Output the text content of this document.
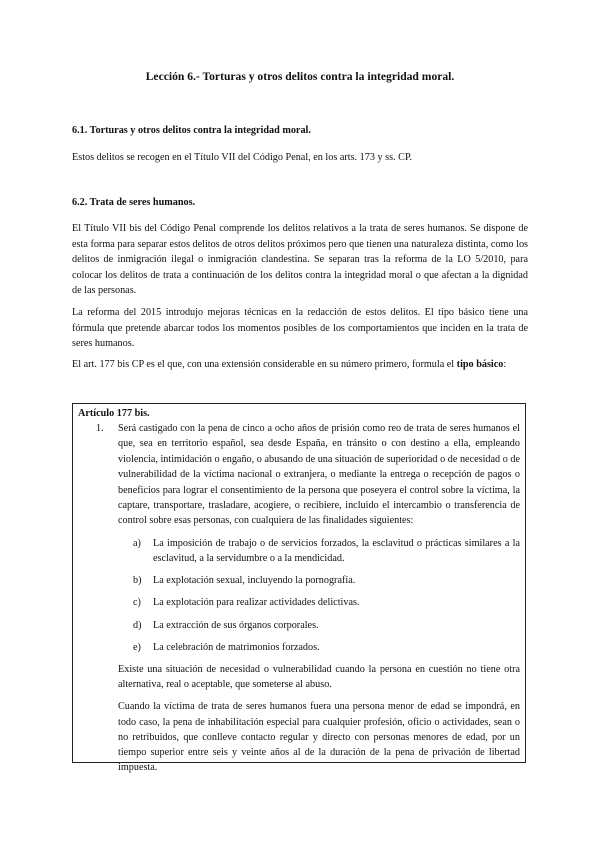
Lección 6.- Torturas y otros delitos contra la integridad moral.
6.1. Torturas y otros delitos contra la integridad moral.
Estos delitos se recogen en el Título VII del Código Penal, en los arts. 173 y ss. CP.
6.2. Trata de seres humanos.
El Título VII bis del Código Penal comprende los delitos relativos a la trata de seres humanos. Se dispone de esta forma para separar estos delitos de otros delitos próximos pero que tienen una naturaleza distinta, como los delitos de inmigración ilegal o inmigración clandestina. Se separan tras la reforma de la LO 5/2010, para colocar los delitos de trata a continuación de los delitos contra la integridad moral o que afectan a la dignidad de las personas.
La reforma del 2015 introdujo mejoras técnicas en la redacción de estos delitos. El tipo básico tiene una fórmula que pretende abarcar todos los momentos posibles de los comportamientos que inciden en la trata de seres humanos.
El art. 177 bis CP es el que, con una extensión considerable en su número primero, formula el tipo básico:
Artículo 177 bis.
1. Será castigado con la pena de cinco a ocho años de prisión como reo de trata de seres humanos el que, sea en territorio español, sea desde España, en tránsito o con destino a ella, empleando violencia, intimidación o engaño, o abusando de una situación de superioridad o de necesidad o de vulnerabilidad de la víctima nacional o extranjera, o mediante la entrega o recepción de pagos o beneficios para lograr el consentimiento de la persona que poseyera el control sobre la víctima, la captare, transportare, trasladare, acogiere, o recibiere, incluido el intercambio o transferencia de control sobre esas personas, con cualquiera de las finalidades siguientes:
a) La imposición de trabajo o de servicios forzados, la esclavitud o prácticas similares a la esclavitud, a la servidumbre o a la mendicidad.
b) La explotación sexual, incluyendo la pornografía.
c) La explotación para realizar actividades delictivas.
d) La extracción de sus órganos corporales.
e) La celebración de matrimonios forzados.

Existe una situación de necesidad o vulnerabilidad cuando la persona en cuestión no tiene otra alternativa, real o aceptable, que someterse al abuso.

Cuando la víctima de trata de seres humanos fuera una persona menor de edad se impondrá, en todo caso, la pena de inhabilitación especial para cualquier profesión, oficio o actividades, sean o no retribuidos, que conlleve contacto regular y directo con personas menores de edad, por un tiempo superior entre seis y veinte años al de la duración de la pena de privación de libertad impuesta.
